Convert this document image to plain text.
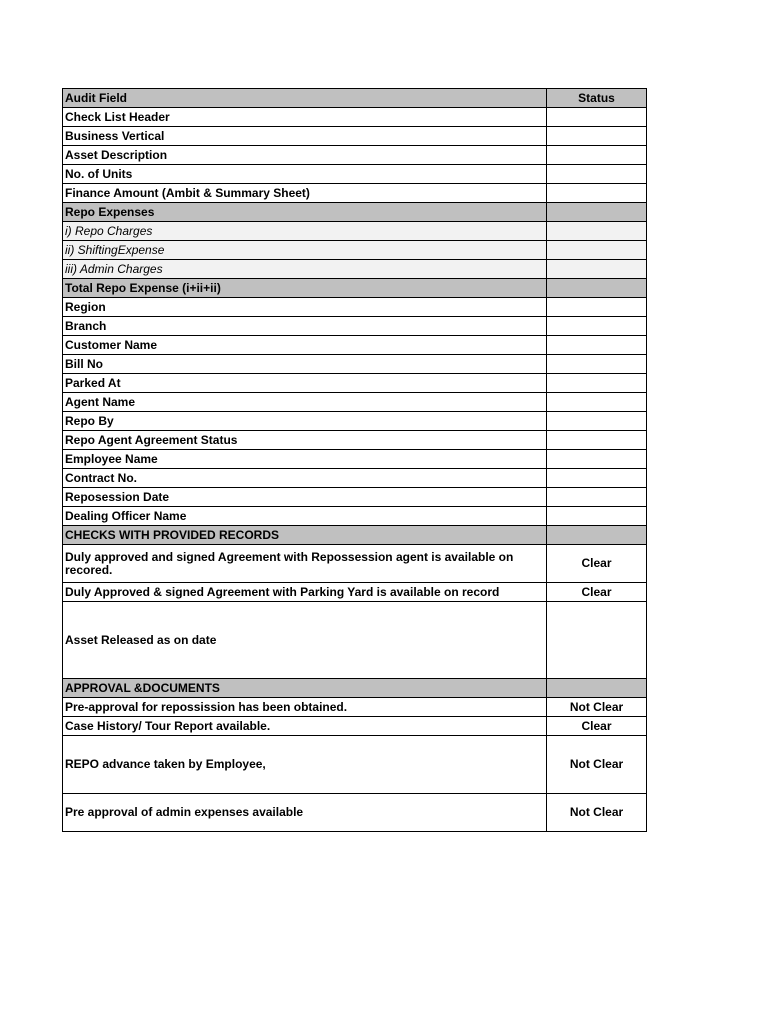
Audit Field	Status
Check List Header	
Business Vertical	
Asset Description	
No. of Units	
Finance Amount (Ambit & Summary Sheet)	
Repo Expenses	
i) Repo Charges	
ii) ShiftingExpense	
iii) Admin Charges	
Total Repo Expense (i+ii+ii)	
Region	
Branch	
Customer Name	
Bill No	
Parked At	
Agent Name	
Repo By	
Repo Agent Agreement Status	
Employee Name	
Contract No.	
Reposession Date	
Dealing Officer Name	
CHECKS WITH PROVIDED RECORDS	
Duly approved and signed Agreement with Repossession agent is available on recored.	Clear
Duly Approved & signed Agreement with Parking Yard is available on record	Clear
Asset Released as on date	
APPROVAL &DOCUMENTS	
Pre-approval for repossission has been obtained.	Not Clear
Case History/ Tour Report available.	Clear
REPO advance taken by Employee,	Not Clear
Pre approval of admin expenses available	Not Clear
